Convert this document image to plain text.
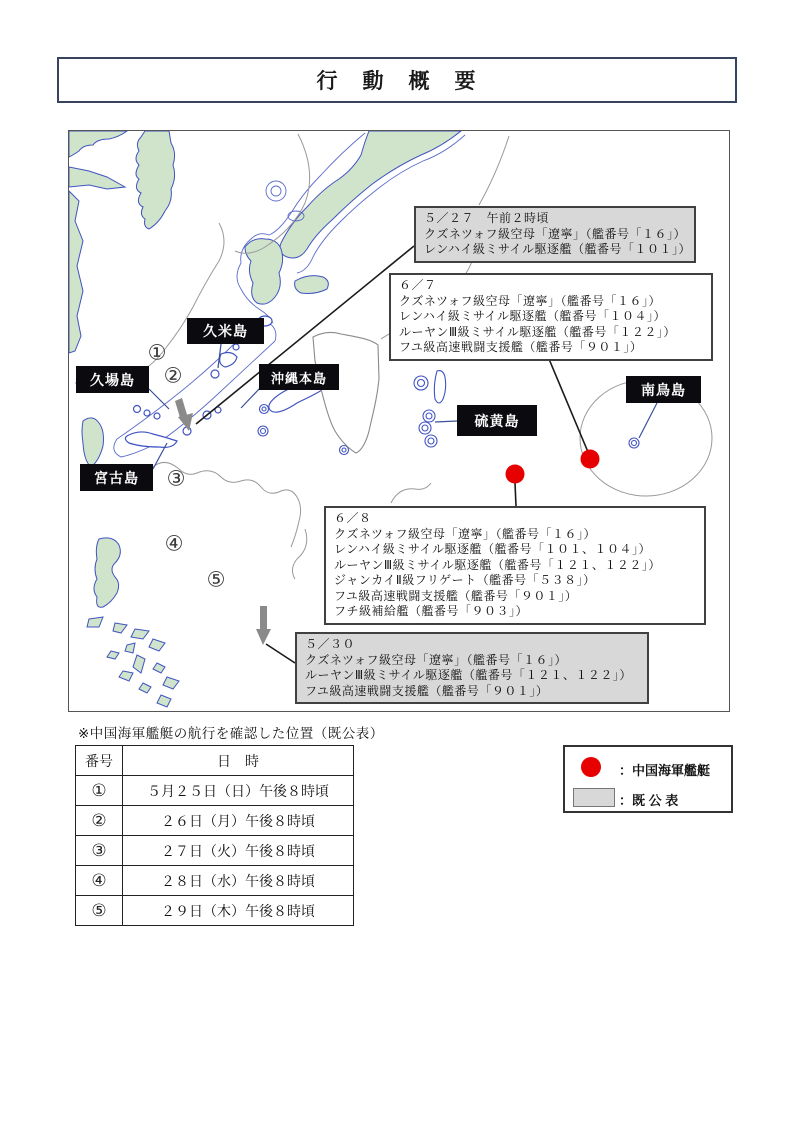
行　動　概　要
久米島
久場島	沖縄本島
宮古島
硫黄島
南鳥島
①
②
③
④
⑤
５／２７　午前２時頃
クズネツォフ級空母「遼寧」（艦番号「１６」）
レンハイ級ミサイル駆逐艦（艦番号「１０１」）
６／７
クズネツォフ級空母「遼寧」（艦番号「１６」）
レンハイ級ミサイル駆逐艦（艦番号「１０４」）
ルーヤンⅢ級ミサイル駆逐艦（艦番号「１２２」）
フユ級高速戦闘支援艦（艦番号「９０１」）
６／８
クズネツォフ級空母「遼寧」（艦番号「１６」）
レンハイ級ミサイル駆逐艦（艦番号「１０１、１０４」）
ルーヤンⅢ級ミサイル駆逐艦（艦番号「１２１、１２２」）
ジャンカイⅡ級フリゲート（艦番号「５３８」）
フユ級高速戦闘支援艦（艦番号「９０１」）
フチ級補給艦（艦番号「９０３」）
５／３０
クズネツォフ級空母「遼寧」（艦番号「１６」）
ルーヤンⅢ級ミサイル駆逐艦（艦番号「１２１、１２２」）
フユ級高速戦闘支援艦（艦番号「９０１」）
※中国海軍艦艇の航行を確認した位置（既公表）
番号	日　時
①	５月２５日（日）午後８時頃
②	２６日（月）午後８時頃
③	２７日（火）午後８時頃
④	２８日（水）午後８時頃
⑤	２９日（木）午後８時頃
：中国海軍艦艇
：既 公 表
